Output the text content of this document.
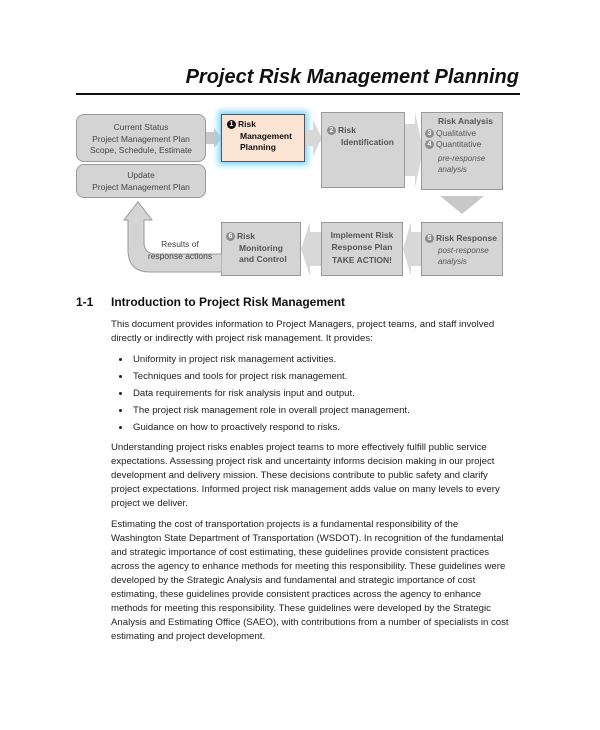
Project Risk Management Planning
Current Status
Project Management Plan
Scope, Schedule, Estimate
Update
Project Management Plan
1 Risk
Management
Planning
2 Risk
Identification
Risk Analysis
3 Qualitative
4 Quantitative
pre-response
analysis
5 Risk Response
post-response
analysis
Implement Risk
Response Plan
TAKE ACTION!
6 Risk
Monitoring
and Control
Results of
response actions
1-1 Introduction to Project Risk Management

This document provides information to Project Managers, project teams, and staff involved directly or indirectly with project risk management. It provides:

• Uniformity in project risk management activities.
• Techniques and tools for project risk management.
• Data requirements for risk analysis input and output.
• The project risk management role in overall project management.
• Guidance on how to proactively respond to risks.

Understanding project risks enables project teams to more effectively fulfill public service expectations. Assessing project risk and uncertainty informs decision making in our project development and delivery mission. These decisions contribute to public safety and clarify project expectations. Informed project risk management adds value on many levels to every project we deliver.

Estimating the cost of transportation projects is a fundamental responsibility of the Washington State Department of Transportation (WSDOT). In recognition of the fundamental and strategic importance of cost estimating, these guidelines provide consistent practices across the agency to enhance methods for meeting this responsibility. These guidelines were developed by the Strategic Analysis and fundamental and strategic importance of cost estimating, these guidelines provide consistent practices across the agency to enhance methods for meeting this responsibility. These guidelines were developed by the Strategic Analysis and Estimating Office (SAEO), with contributions from a number of specialists in cost estimating and project development.
